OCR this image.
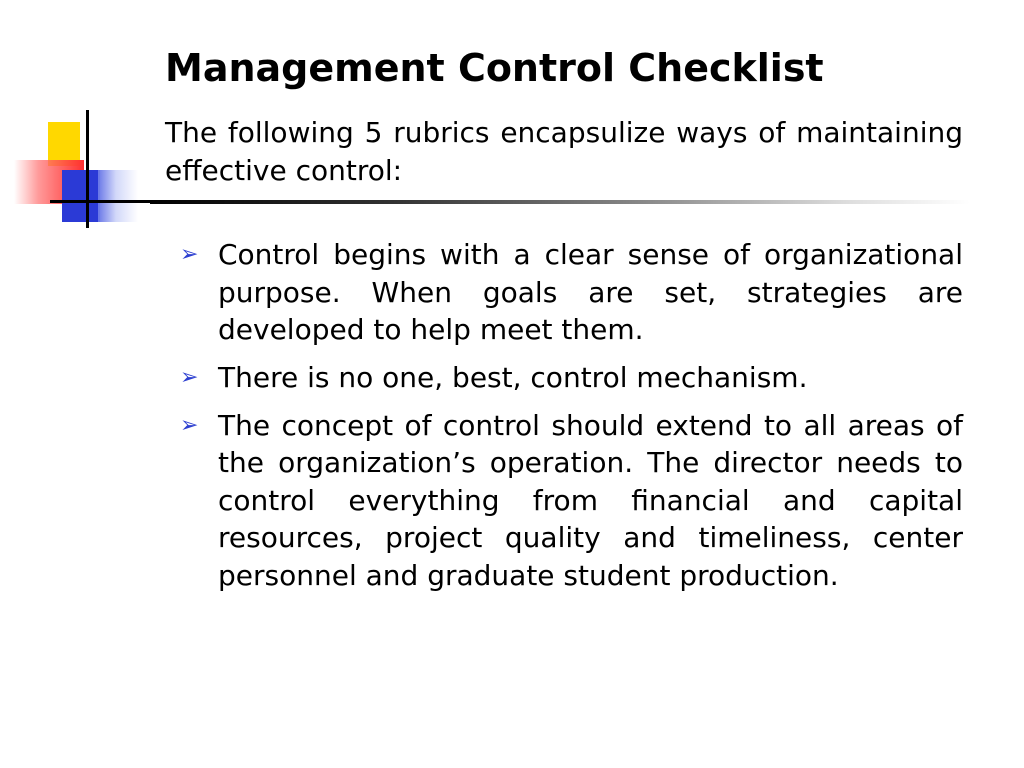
Management Control Checklist
The following 5 rubrics encapsulize ways of maintaining effective control:
➢ Control begins with a clear sense of organizational purpose. When goals are set, strategies are developed to help meet them.
➢ There is no one, best, control mechanism.
➢ The concept of control should extend to all areas of the organization’s operation. The director needs to control everything from financial and capital resources, project quality and timeliness, center personnel and graduate student production.
